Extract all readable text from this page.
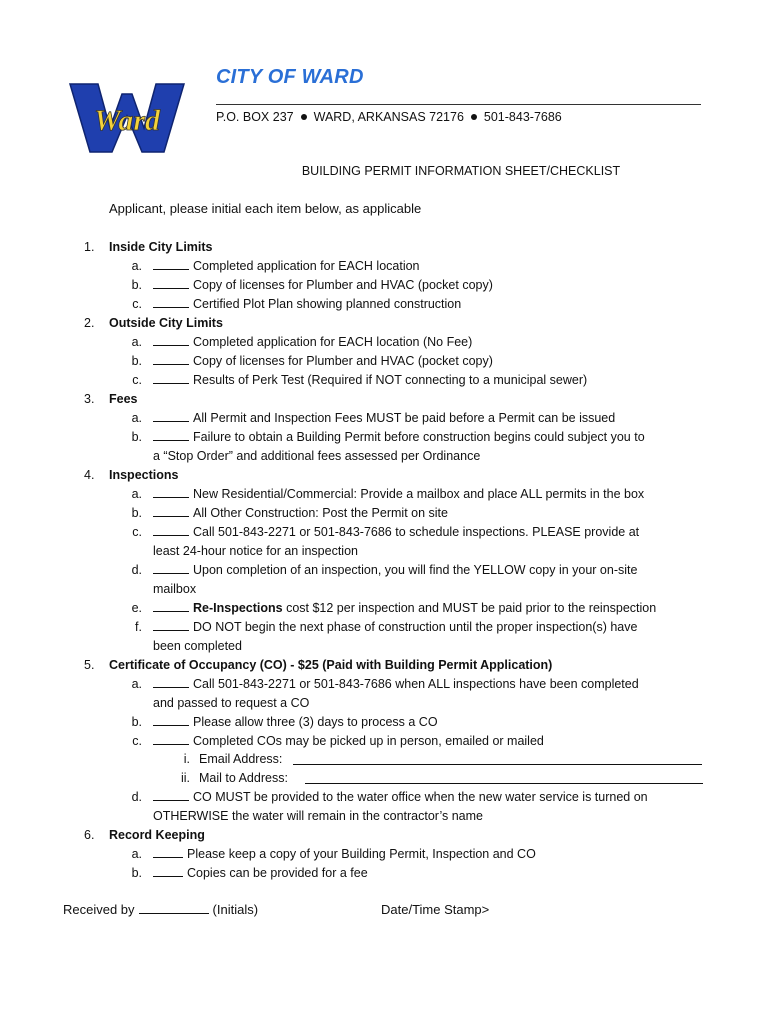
Ward
CITY OF WARD
P.O. BOX 237 WARD, ARKANSAS 72176 501-843-7686
BUILDING PERMIT INFORMATION SHEET/CHECKLIST
Applicant, please initial each item below, as applicable
1. Inside City Limits
a.	Completed application for EACH location
b.	Copy of licenses for Plumber and HVAC (pocket copy)
c.	Certified Plot Plan showing planned construction
2. Outside City Limits
a.	Completed application for EACH location (No Fee)
b.	Copy of licenses for Plumber and HVAC (pocket copy)
c.	Results of Perk Test (Required if NOT connecting to a municipal sewer)
3. Fees
a.	All Permit and Inspection Fees MUST be paid before a Permit can be issued
b.	Failure to obtain a Building Permit before construction begins could subject you to
a “Stop Order” and additional fees assessed per Ordinance
4. Inspections
a.	New Residential/Commercial: Provide a mailbox and place ALL permits in the box
b.	All Other Construction: Post the Permit on site
c.	Call 501-843-2271 or 501-843-7686 to schedule inspections. PLEASE provide at
least 24-hour notice for an inspection
d.	Upon completion of an inspection, you will find the YELLOW copy in your on-site
mailbox
e.	Re-Inspections cost $12 per inspection and MUST be paid prior to the reinspection
f.	DO NOT begin the next phase of construction until the proper inspection(s) have
been completed
5. Certificate of Occupancy (CO) - $25 (Paid with Building Permit Application)
a.	Call 501-843-2271 or 501-843-7686 when ALL inspections have been completed
and passed to request a CO
b.	Please allow three (3) days to process a CO
c.	Completed COs may be picked up in person, emailed or mailed
i. Email Address:
ii. Mail to Address:
d.	CO MUST be provided to the water office when the new water service is turned on
OTHERWISE the water will remain in the contractor’s name
6. Record Keeping
a.	Please keep a copy of your Building Permit, Inspection and CO
b.	Copies can be provided for a fee
Received by	(Initials)	Date/Time Stamp>
